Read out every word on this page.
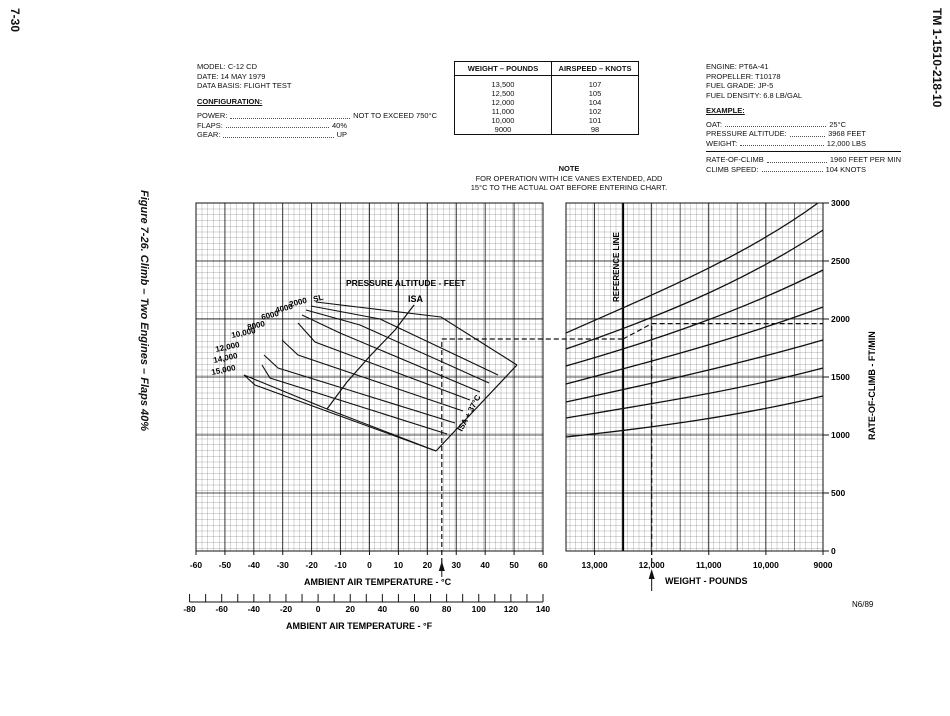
7-30	TM 1-1510-218-10
Figure 7-26. Climb – Two Engines – Flaps 40%
MODEL: C-12 CD
DATE: 14 MAY 1979
DATA BASIS: FLIGHT TEST
CONFIGURATION:
POWER:	NOT TO EXCEED 750°C
FLAPS:	40%
GEAR:	UP
WEIGHT – POUNDS	AIRSPEED – KNOTS
13,500	107
12,500	105
12,000	104
11,000	102
10,000	101
9000	98
NOTE
FOR OPERATION WITH ICE VANES EXTENDED, ADD
15°C TO THE ACTUAL OAT BEFORE ENTERING CHART.
ENGINE: PT6A-41
PROPELLER: T10178
FUEL GRADE: JP-5
FUEL DENSITY: 6.8 LB/GAL
EXAMPLE:
OAT:	25°C
PRESSURE ALTITUDE:	3968 FEET
WEIGHT:	12,000 LBS
RATE-OF-CLIMB	1960 FEET PER MIN
CLIMB SPEED:	104 KNOTS
SL
2000
4000
6000
8000
10,000
12,000
14,000
15,000
-60 -50 -40 -30 -20 -10 0	10 20 30 40 50 60
-80 -60 -40 -20	0	20	40	60	80 100 120 140
13,000	12,000	11,000	10,000	9000
0
500
1000
1500
2000
2500
3000
PRESSURE ALTITUDE - FEET
ISA
ISA + 37°C
REFERENCE LINE
AMBIENT AIR TEMPERATURE - °C
AMBIENT AIR TEMPERATURE - °F
WEIGHT - POUNDS
RATE-OF-CLIMB - FT/MIN
N6/89
